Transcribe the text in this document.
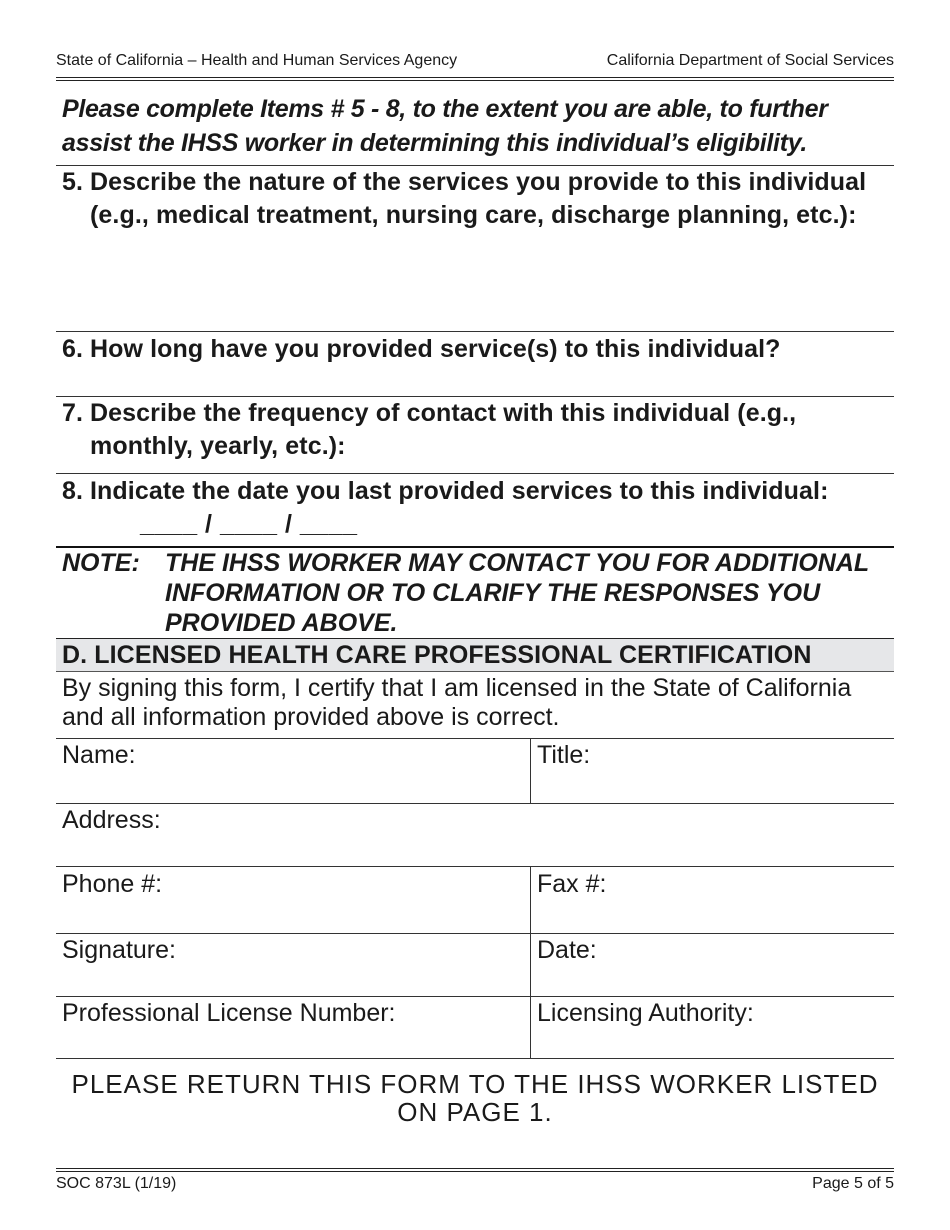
State of California – Health and Human Services Agency	California Department of Social Services
Please complete Items # 5 - 8, to the extent you are able, to further assist the IHSS worker in determining this individual’s eligibility.
5. Describe the nature of the services you provide to this individual (e.g., medical treatment, nursing care, discharge planning, etc.):
6. How long have you provided service(s) to this individual?
7. Describe the frequency of contact with this individual (e.g., monthly, yearly, etc.):
8. Indicate the date you last provided services to this individual:____ / ____ / ____
NOTE: THE IHSS WORKER MAY CONTACT YOU FOR ADDITIONAL INFORMATION OR TO CLARIFY THE RESPONSES YOU PROVIDED ABOVE.
D. LICENSED HEALTH CARE PROFESSIONAL CERTIFICATION
By signing this form, I certify that I am licensed in the State of California and all information provided above is correct.
Name:	Title:
Address:
Phone #:	Fax #:
Signature:	Date:
Professional License Number:	Licensing Authority:
PLEASE RETURN THIS FORM TO THE IHSS WORKER LISTED ON PAGE 1.
SOC 873L (1/19)	Page 5 of 5
